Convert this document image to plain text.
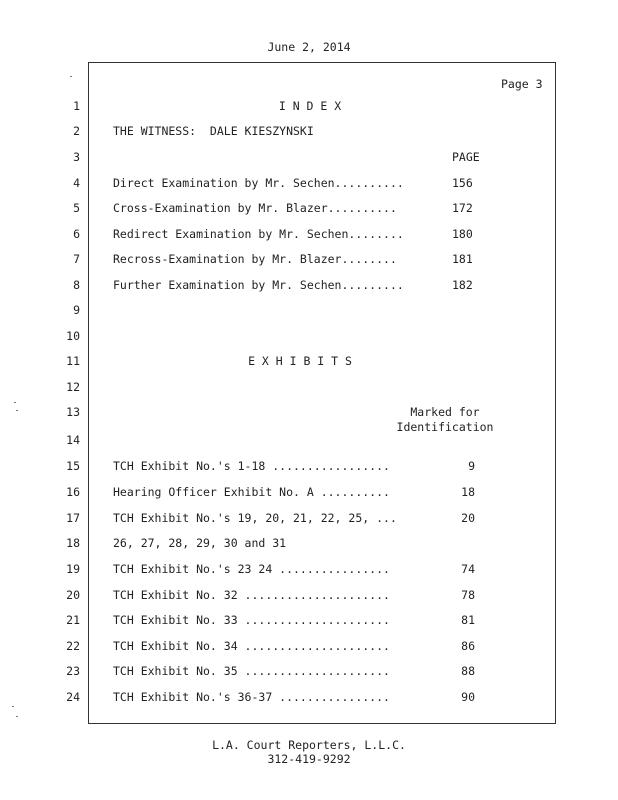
June 2, 2014
Page 3
1
2
3
4
5
6
7
8
9
10
11
12
13
14
15
16
17
18
19
20
21
22
23
24
I N D E X
THE WITNESS:  DALE KIESZYNSKI
PAGE
Direct Examination by Mr. Sechen..........	156
Cross-Examination by Mr. Blazer..........	172
Redirect Examination by Mr. Sechen........	180
Recross-Examination by Mr. Blazer........	181
Further Examination by Mr. Sechen.........	182
E X H I B I T S
Marked for
Identification
TCH Exhibit No.'s 1-18 .................	9
Hearing Officer Exhibit No. A ..........	18
TCH Exhibit No.'s 19, 20, 21, 22, 25, ...	20
26, 27, 28, 29, 30 and 31
TCH Exhibit No.'s 23 24 ................	74
TCH Exhibit No. 32 .....................	78
TCH Exhibit No. 33 .....................	81
TCH Exhibit No. 34 .....................	86
TCH Exhibit No. 35 .....................	88
TCH Exhibit No.'s 36-37 ................	90
L.A. Court Reporters, L.L.C.
312-419-9292
